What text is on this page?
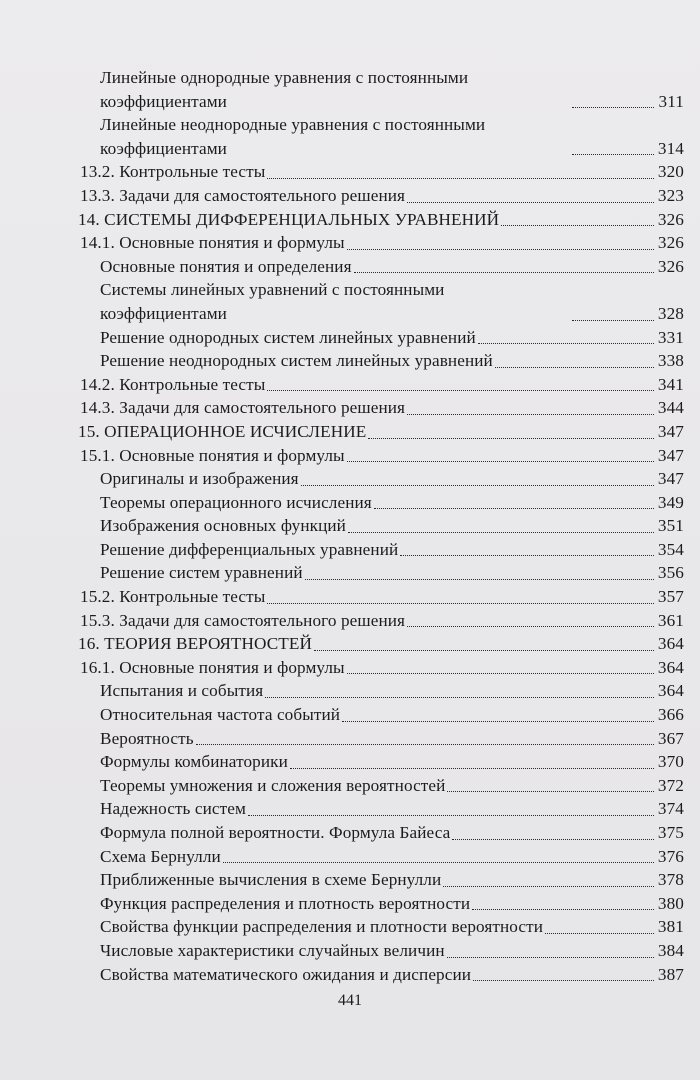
Линейные однородные уравнения с постоянными коэффициентами	311
Линейные неоднородные уравнения с постоянными коэффициентами	314
13.2. Контрольные тесты	320
13.3. Задачи для самостоятельного решения	323
14. СИСТЕМЫ ДИФФЕРЕНЦИАЛЬНЫХ УРАВНЕНИЙ	326
14.1. Основные понятия и формулы	326
Основные понятия и определения	326
Системы линейных уравнений с постоянными коэффициентами	328
Решение однородных систем линейных уравнений	331
Решение неоднородных систем линейных уравнений	338
14.2. Контрольные тесты	341
14.3. Задачи для самостоятельного решения	344
15. ОПЕРАЦИОННОЕ ИСЧИСЛЕНИЕ	347
15.1. Основные понятия и формулы	347
Оригиналы и изображения	347
Теоремы операционного исчисления	349
Изображения основных функций	351
Решение дифференциальных уравнений	354
Решение систем уравнений	356
15.2. Контрольные тесты	357
15.3. Задачи для самостоятельного решения	361
16. ТЕОРИЯ ВЕРОЯТНОСТЕЙ	364
16.1. Основные понятия и формулы	364
Испытания и события	364
Относительная частота событий	366
Вероятность	367
Формулы комбинаторики	370
Теоремы умножения и сложения вероятностей	372
Надежность систем	374
Формула полной вероятности. Формула Байеса	375
Схема Бернулли	376
Приближенные вычисления в схеме Бернулли	378
Функция распределения и плотность вероятности	380
Свойства функции распределения и плотности вероятности	381
Числовые характеристики случайных величин	384
Свойства математического ожидания и дисперсии	387
441
